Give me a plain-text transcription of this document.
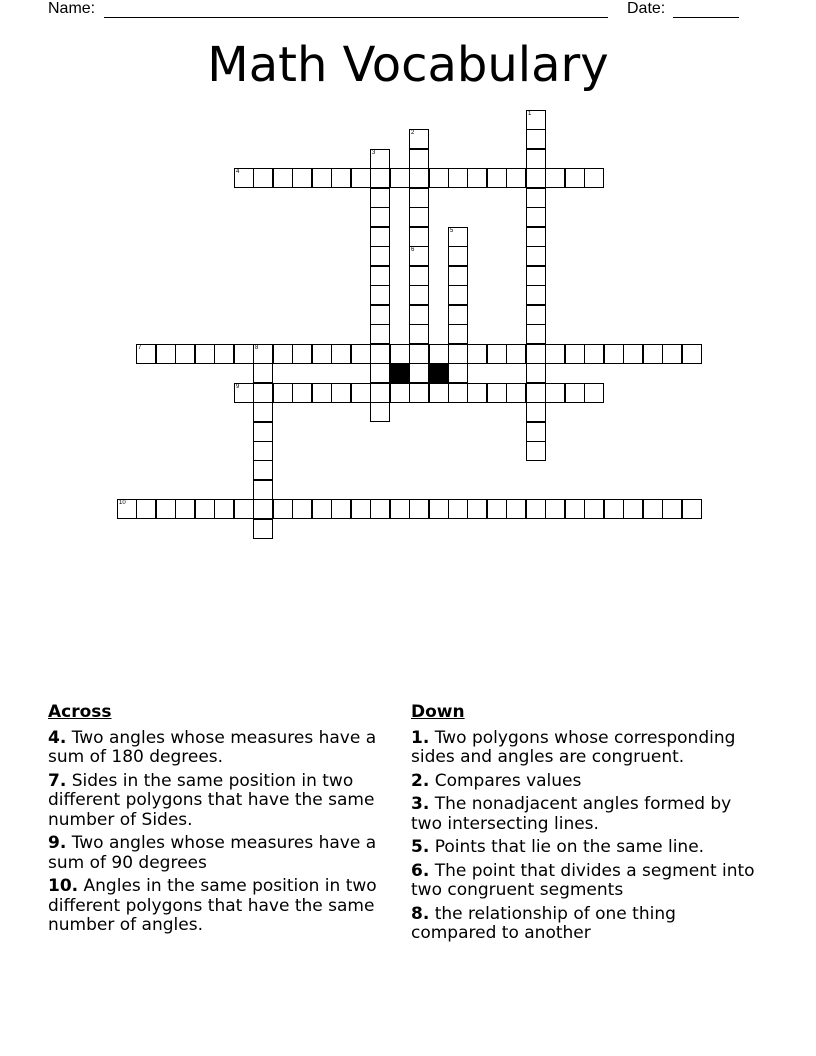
Name:	Date:
Math Vocabulary
1
2
3
4
5
6
7	8
9
10
Across
4. Two angles whose measures have a sum of 180 degrees.
7. Sides in the same position in two different polygons that have the same number of Sides.
9. Two angles whose measures have a sum of 90 degrees
10. Angles in the same position in two different polygons that have the same number of angles.
Down
1. Two polygons whose corresponding sides and angles are congruent.
2. Compares values
3. The nonadjacent angles formed by two intersecting lines.
5. Points that lie on the same line.
6. The point that divides a segment into two congruent segments
8. the relationship of one thing compared to another
